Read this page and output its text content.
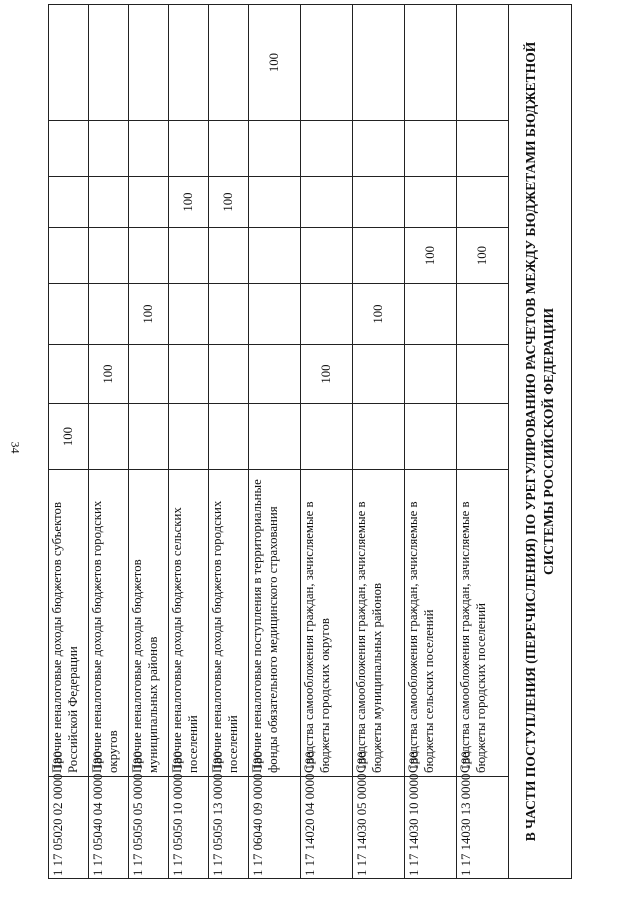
34
1 17 05020 02 0000 180	Прочие неналоговые доходы бюджетов субъектов Российской Федерации	100						
1 17 05040 04 0000 180	Прочие неналоговые доходы бюджетов городских округов		100					
1 17 05050 05 0000 180	Прочие неналоговые доходы бюджетов муниципальных районов			100				
1 17 05050 10 0000 180	Прочие неналоговые доходы бюджетов сельских поселений					100		
1 17 05050 13 0000 180	Прочие неналоговые доходы бюджетов городских поселений					100		
1 17 06040 09 0000 180	Прочие неналоговые поступления в территориальные фонды обязательного медицинского страхования							100
1 17 14020 04 0000 180	Средства самообложения граждан, зачисляемые в бюджеты городских округов		100					
1 17 14030 05 0000 180	Средства самообложения граждан, зачисляемые в бюджеты муниципальных районов			100				
1 17 14030 10 0000 180	Средства самообложения граждан, зачисляемые в бюджеты сельских поселений				100			
1 17 14030 13 0000 180	Средства самообложения граждан, зачисляемые в бюджеты городских поселений				100			
В ЧАСТИ ПОСТУПЛЕНИЯ (ПЕРЕЧИСЛЕНИЯ) ПО УРЕГУЛИРОВАНИЮ РАСЧЕТОВ МЕЖДУ БЮДЖЕТАМИ БЮДЖЕТНОЙ СИСТЕМЫ РОССИЙСКОЙ ФЕДЕРАЦИИ								
